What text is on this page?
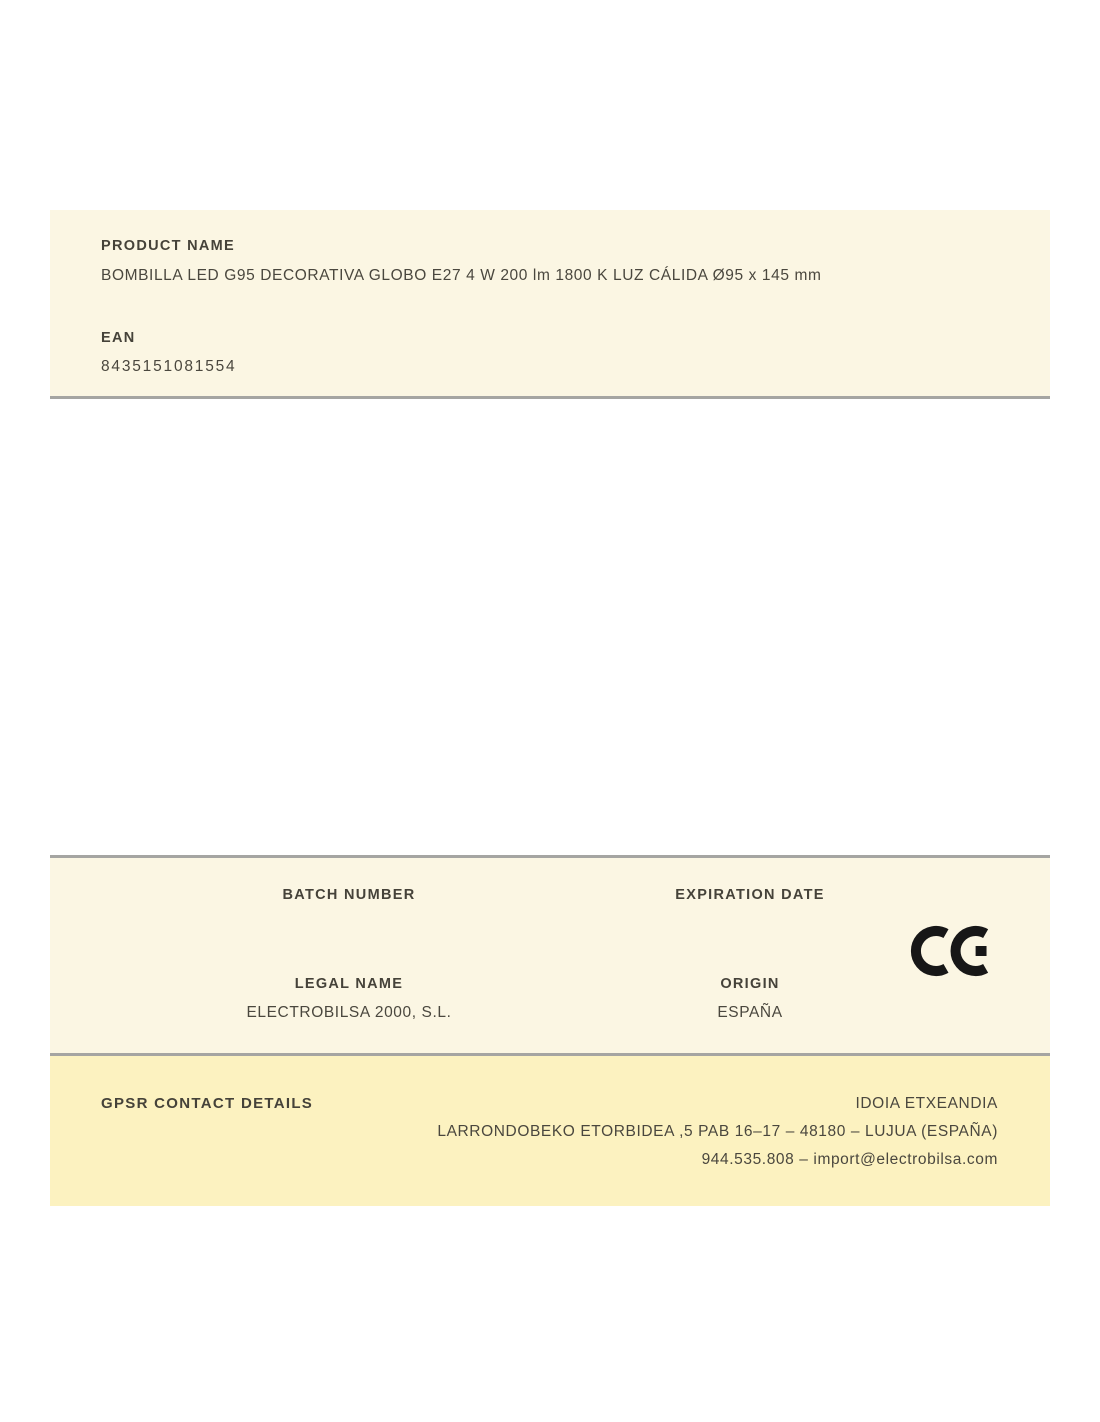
PRODUCT NAME
BOMBILLA LED G95 DECORATIVA GLOBO E27 4 W 200 lm 1800 K LUZ CÁLIDA Ø95 x 145 mm
EAN
8435151081554
BATCH NUMBER
LEGAL NAME
ELECTROBILSA 2000, S.L.
EXPIRATION DATE
ORIGIN
ESPAÑA
GPSR CONTACT DETAILS	IDOIA ETXEANDIA
LARRONDOBEKO ETORBIDEA ,5 PAB 16–17 – 48180 – LUJUA (ESPAÑA)
944.535.808 – import@electrobilsa.com
